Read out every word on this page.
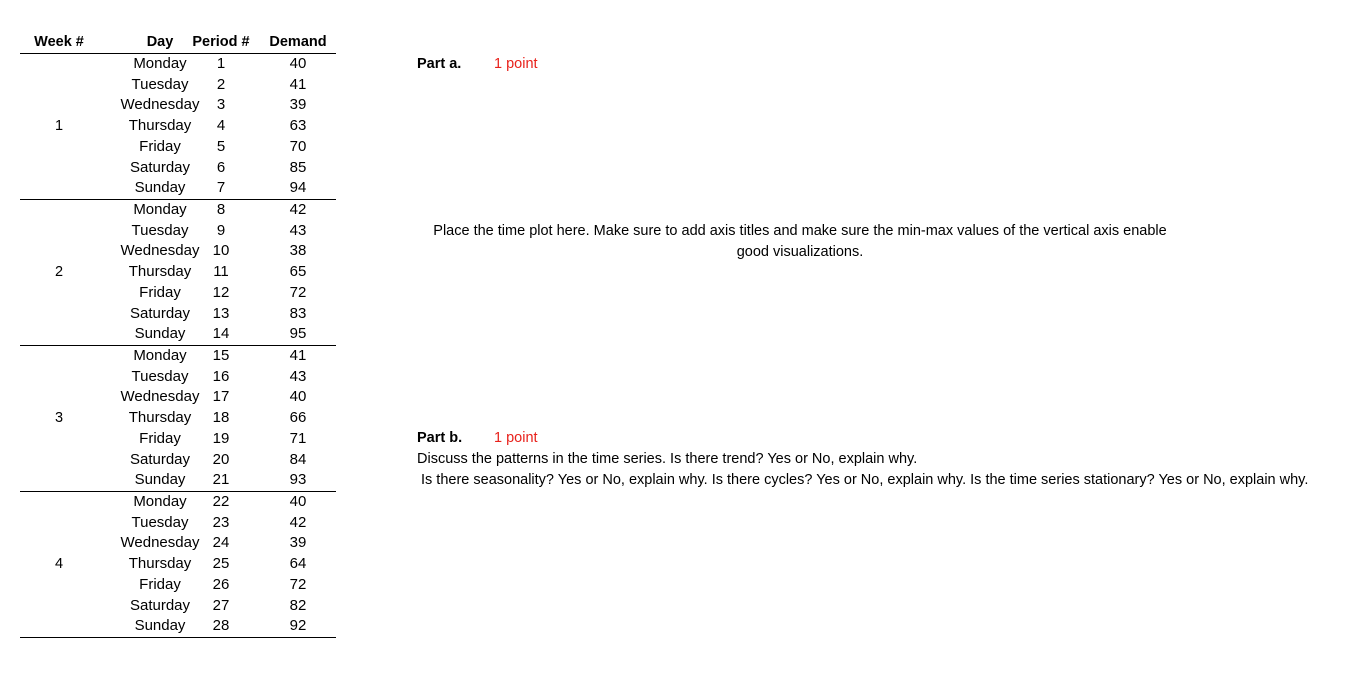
Week #	Day	Period #	Demand
1
Monday	1	40
Tuesday	2	41
Wednesday	3	39
Thursday	4	63
Friday	5	70
Saturday	6	85
Sunday	7	94
2
Monday	8	42
Tuesday	9	43
Wednesday 10	38
Thursday	11	65
Friday	12	72
Saturday	13	83
Sunday	14	95
3
Monday	15	41
Tuesday	16	43
Wednesday 17	40
Thursday	18	66
Friday	19	71
Saturday	20	84
Sunday	21	93
4
Monday	22	40
Tuesday	23	42
Wednesday 24	39
Thursday	25	64
Friday	26	72
Saturday	27	82
Sunday	28	92
Part a. 1 point
Place the time plot here. Make sure to add axis titles and make sure the min-max values of the vertical axis enable
good visualizations.
Part b. 1 point
Discuss the patterns in the time series. Is there trend? Yes or No, explain why.
Is there seasonality? Yes or No, explain why. Is there cycles? Yes or No, explain why. Is the time series stationary? Yes or No, explain why.
